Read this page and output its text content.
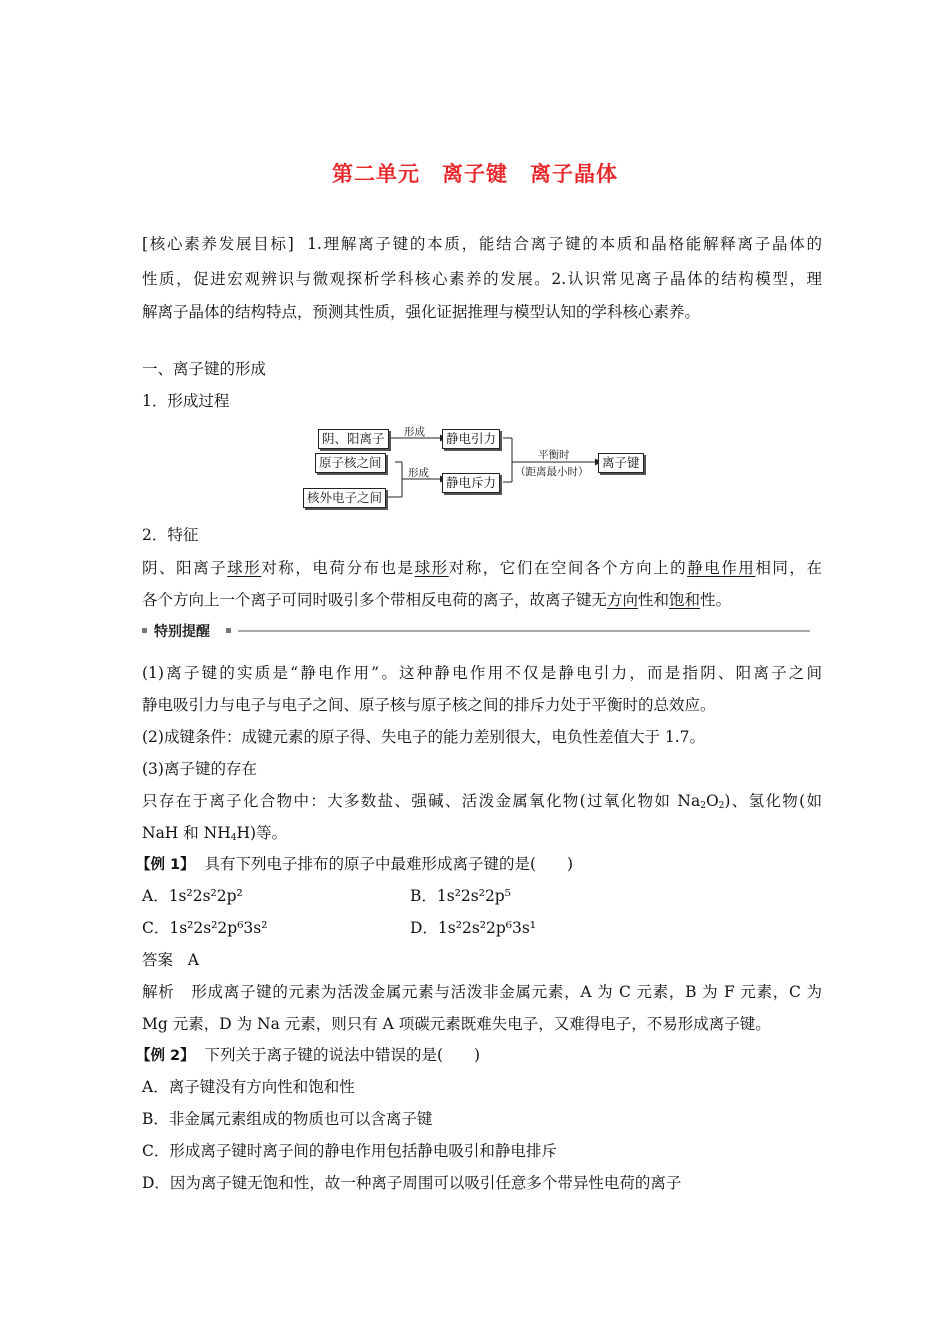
第二单元　离子键　离子晶体
[核心素养发展目标] 1.理解离子键的本质，能结合离子键的本质和晶格能解释离子晶体的
性质，促进宏观辨识与微观探析学科核心素养的发展。2.认识常见离子晶体的结构模型，理
解离子晶体的结构特点，预测其性质，强化证据推理与模型认知的学科核心素养。
一、离子键的形成
1．形成过程
阴、阳离子
原子核之间
核外电子之间
形成
形成
静电引力
静电斥力
平衡时
（距离最小时）
离子键
2．特征
阴、阳离子球形对称，电荷分布也是球形对称，它们在空间各个方向上的静电作用相同，在
各个方向上一个离子可同时吸引多个带相反电荷的离子，故离子键无方向性和饱和性。
特别提醒
(1)离子键的实质是“静电作用”。这种静电作用不仅是静电引力，而是指阴、阳离子之间
静电吸引力与电子与电子之间、原子核与原子核之间的排斥力处于平衡时的总效应。
(2)成键条件：成键元素的原子得、失电子的能力差别很大，电负性差值大于 1.7。
(3)离子键的存在
只存在于离子化合物中：大多数盐、强碱、活泼金属氧化物(过氧化物如 $Na_2O_2$)、氢化物(如
NaH 和 $NH_4H$)等。
【例 1】 具有下列电子排布的原子中最难形成离子键的是(　　)
A．1s²2s²2p²	B．1s²2s²2p⁵
C．1s²2s²2p⁶3s²	D．1s²2s²2p⁶3s¹
答案 A
解析 形成离子键的元素为活泼金属元素与活泼非金属元素，A 为 C 元素，B 为 F 元素，C 为
Mg 元素，D 为 Na 元素，则只有 A 项碳元素既难失电子，又难得电子，不易形成离子键。
【例 2】 下列关于离子键的说法中错误的是(　　)
A．离子键没有方向性和饱和性
B．非金属元素组成的物质也可以含离子键
C．形成离子键时离子间的静电作用包括静电吸引和静电排斥
D．因为离子键无饱和性，故一种离子周围可以吸引任意多个带异性电荷的离子
